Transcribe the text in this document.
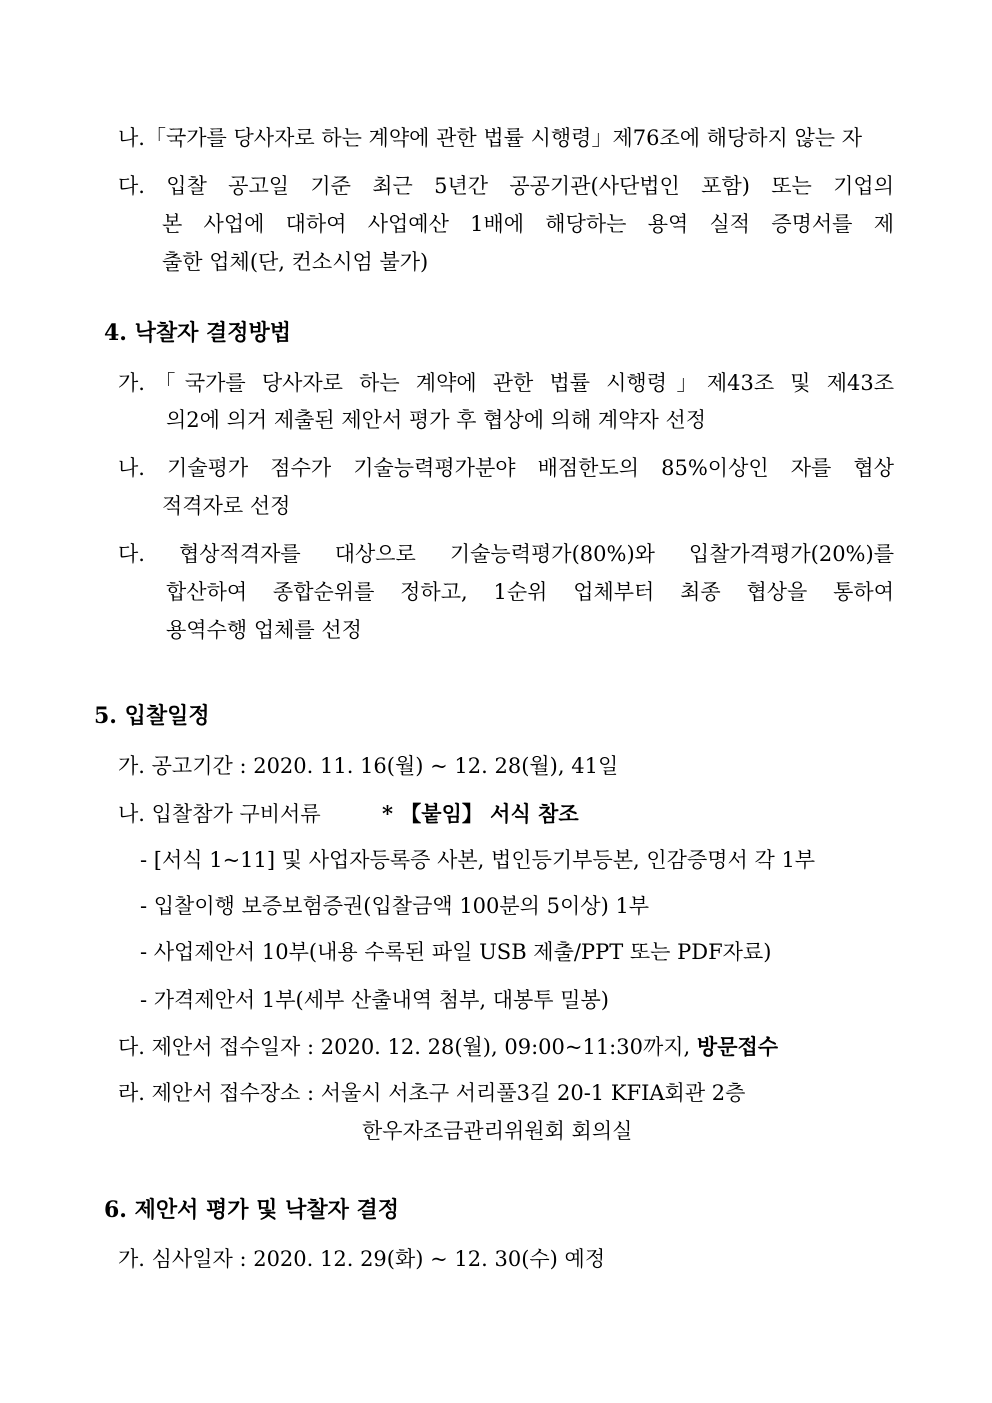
나.「국가를 당사자로 하는 계약에 관한 법률 시행령」제76조에 해당하지 않는 자
다. 입찰 공고일 기준 최근 5년간 공공기관(사단법인 포함) 또는 기업의
본 사업에 대하여 사업예산 1배에 해당하는 용역 실적 증명서를 제
출한 업체(단, 컨소시엄 불가)
4. 낙찰자 결정방법
가.「국가를 당사자로 하는 계약에 관한 법률 시행령」제43조 및 제43조
의2에 의거 제출된 제안서 평가 후 협상에 의해 계약자 선정
나. 기술평가 점수가 기술능력평가분야 배점한도의 85%이상인 자를 협상
적격자로 선정
다. 협상적격자를 대상으로 기술능력평가(80%)와 입찰가격평가(20%)를
합산하여 종합순위를 정하고, 1순위 업체부터 최종 협상을 통하여
용역수행 업체를 선정
5. 입찰일정
가. 공고기간 : 2020. 11. 16(월) ~ 12. 28(월), 41일
나. 입찰참가 구비서류	* 【붙임】 서식 참조
- [서식 1~11] 및 사업자등록증 사본, 법인등기부등본, 인감증명서 각 1부
- 입찰이행 보증보험증권(입찰금액 100분의 5이상) 1부
- 사업제안서 10부(내용 수록된 파일 USB 제출/PPT 또는 PDF자료)
- 가격제안서 1부(세부 산출내역 첨부, 대봉투 밀봉)
다. 제안서 접수일자 : 2020. 12. 28(월), 09:00~11:30까지, 방문접수
라. 제안서 접수장소 : 서울시 서초구 서리풀3길 20-1 KFIA회관 2층
한우자조금관리위원회 회의실
6. 제안서 평가 및 낙찰자 결정
가. 심사일자 : 2020. 12. 29(화) ~ 12. 30(수) 예정
